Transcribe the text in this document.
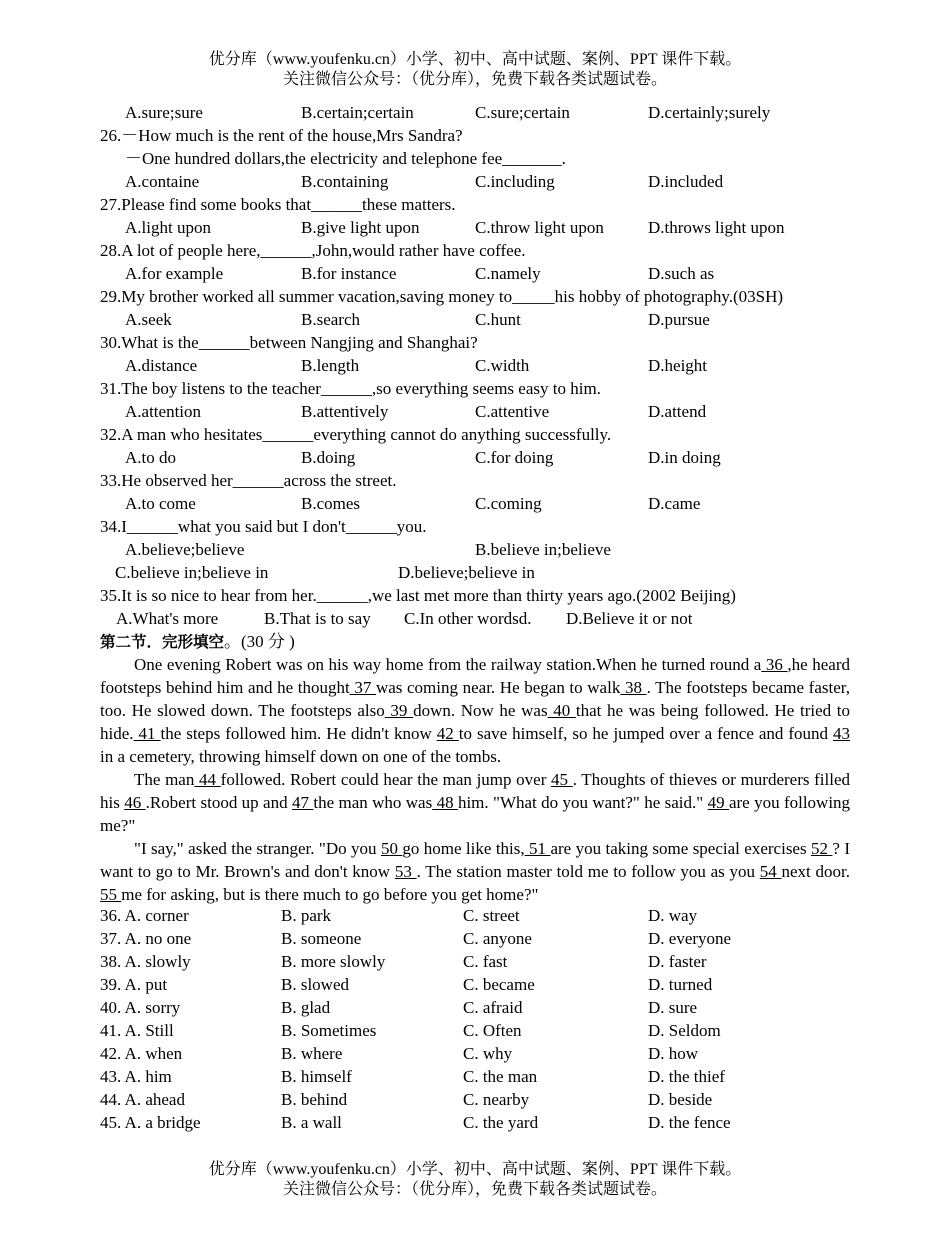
优分库（www.youfenku.cn）小学、初中、高中试题、案例、PPT 课件下载。
关注微信公众号：（优分库），免费下载各类试题试卷。
A.sure;sure	B.certain;certain	C.sure;certain	D.certainly;surely
26.－How much is the rent of the house,Mrs Sandra?
－One hundred dollars,the electricity and telephone fee_______.
A.containe	B.containing	C.including	D.included
27.Please find some books that______these matters.
A.light upon	B.give light upon	C.throw light upon	D.throws light upon
28.A lot of people here,______,John,would rather have coffee.
A.for example	B.for instance	C.namely	D.such as
29.My brother worked all summer vacation,saving money to_____his hobby of photography.(03SH)
A.seek	B.search	C.hunt	D.pursue
30.What is the______between Nangjing and Shanghai?
A.distance	B.length	C.width	D.height
31.The boy listens to the teacher______,so everything seems easy to him.
A.attention	B.attentively	C.attentive	D.attend
32.A man who hesitates______everything cannot do anything successfully.
A.to do	B.doing	C.for doing	D.in doing
33.He observed her______across the street.
A.to come	B.comes	C.coming	D.came
34.I______what you said but I don't______you.
A.believe;believe	B.believe in;believe
C.believe in;believe in	D.believe;believe in
35.It is so nice to hear from her.______,we last met more than thirty years ago.(2002 Beijing)
A.What's more	B.That is to say C.In other wordsd. D.Believe it or not
第二节．完形填空。(30 分 )

One evening Robert was on his way home from the railway station.When he turned round a 36 ,he heard footsteps behind him and he thought 37 was coming near. He began to walk 38 . The footsteps became faster, too. He slowed down. The footsteps also 39 down. Now he was 40 that he was being followed. He tried to hide. 41 the steps followed him. He didn't know 42 to save himself, so he jumped over a fence and found 43 in a cemetery, throwing himself down on one of the tombs.

The man 44 followed. Robert could hear the man jump over 45 . Thoughts of thieves or murderers filled his 46 .Robert stood up and 47 the man who was 48 him. "What do you want?" he said." 49 are you following me?"

"I say," asked the stranger. "Do you 50 go home like this, 51 are you taking some special exercises 52 ? I want to go to Mr. Brown's and don't know 53 . The station master told me to follow you as you 54 next door. 55 me for asking, but is there much to go before you get home?"

36. A. corner	B. park	C. street	D. way
37. A. no one	B. someone	C. anyone	D. everyone
38. A. slowly	B. more slowly	C. fast	D. faster
39. A. put	B. slowed	C. became	D. turned
40. A. sorry	B. glad	C. afraid	D. sure
41. A. Still	B. Sometimes	C. Often	D. Seldom
42. A. when	B. where	C. why	D. how
43. A. him	B. himself	C. the man	D. the thief
44. A. ahead	B. behind	C. nearby	D. beside
45. A. a bridge	B. a wall	C. the yard	D. the fence
优分库（www.youfenku.cn）小学、初中、高中试题、案例、PPT 课件下载。
关注微信公众号：（优分库），免费下载各类试题试卷。
